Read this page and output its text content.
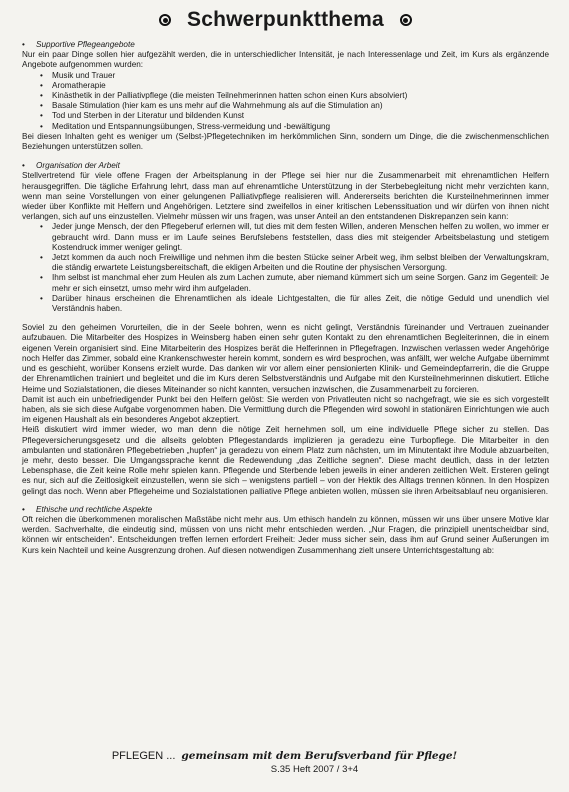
Schwerpunktthema
•	Supportive Pflegeangebote

Nur ein paar Dinge sollen hier aufgezählt werden, die in unterschiedlicher Intensität, je nach Interessenlage und Zeit, im Kurs als ergänzende Angebote aufgenommen wurden:

• Musik und Trauer
• Aromatherapie
• Kinästhetik in der Palliativpflege (die meisten Teilnehmerinnen hatten schon einen Kurs absolviert)
• Basale Stimulation (hier kam es uns mehr auf die Wahrnehmung als auf die Stimulation an)
• Tod und Sterben in der Literatur und bildenden Kunst
• Meditation und Entspannungsübungen, Stress-vermeidung und -bewältigung

Bei diesen Inhalten geht es weniger um (Selbst-)Pflegetechniken im herkömmlichen Sinn, sondern um Dinge, die die zwischenmenschlichen Beziehungen unterstützen sollen.

•	Organisation der Arbeit

Stellvertretend für viele offene Fragen der Arbeitsplanung in der Pflege sei hier nur die Zusammenarbeit mit ehrenamtlichen Helfern herausgegriffen. Die tägliche Erfahrung lehrt, dass man auf ehrenamtliche Unterstützung in der Sterbebegleitung nicht mehr verzichten kann, wenn man seine Vorstellungen von einer gelungenen Palliativpflege realisieren will. Andererseits berichten die Kursteilnehmerinnen immer wieder über Konflikte mit Helfern und Angehörigen. Letztere sind zweifellos in einer kritischen Lebenssituation und wir dürfen von ihnen nicht verlangen, sich auf uns einzustellen. Vielmehr müssen wir uns fragen, was unser Anteil an den entstandenen Diskrepanzen sein kann:

• Jeder junge Mensch, der den Pflegeberuf erlernen will, tut dies mit dem festen Willen, anderen Menschen helfen zu wollen, wo immer er gebraucht wird. Dann muss er im Laufe seines Berufslebens feststellen, dass dies mit steigender Arbeitsbelastung und stetigem Kostendruck immer weniger gelingt.
• Jetzt kommen da auch noch Freiwillige und nehmen ihm die besten Stücke seiner Arbeit weg, ihm selbst bleiben der Verwaltungskram, die ständig erwartete Leistungsbereitschaft, die ekligen Arbeiten und die Routine der physischen Versorgung.
• Ihm selbst ist manchmal eher zum Heulen als zum Lachen zumute, aber niemand kümmert sich um seine Sorgen. Ganz im Gegenteil: Je mehr er sich einsetzt, umso mehr wird ihm aufgeladen.
• Darüber hinaus erscheinen die Ehrenamtlichen als ideale Lichtgestalten, die für alles Zeit, die nötige Geduld und unendlich viel Verständnis haben.

Soviel zu den geheimen Vorurteilen, die in der Seele bohren, wenn es nicht gelingt, Verständnis füreinander und Vertrauen zueinander aufzubauen. Die Mitarbeiter des Hospizes in Weinsberg haben einen sehr guten Kontakt zu den ehrenamtlichen Begleiterinnen, die in einem eigenen Verein organisiert sind. Eine Mitarbeiterin des Hospizes berät die Helferinnen in Pflegefragen. Inzwischen verlassen weder Angehörige noch Helfer das Zimmer, sobald eine Krankenschwester herein kommt, sondern es wird besprochen, was anfällt, wer welche Aufgabe übernimmt und es geschieht, worüber Konsens erzielt wurde. Das danken wir vor allem einer pensionierten Klinik- und Gemeindepfarrerin, die die Gruppe der Ehrenamtlichen trainiert und begleitet und die im Kurs deren Selbstverständnis und Aufgabe mit den Kursteilnehmerinnen diskutiert. Etliche Heime und Sozialstationen, die dieses Miteinander so nicht kannten, versuchen inzwischen, die Zusammenarbeit zu forcieren.

Damit ist auch ein unbefriedigender Punkt bei den Helfern gelöst: Sie werden von Privatleuten nicht so nachgefragt, wie sie es sich vorgestellt haben, als sie sich diese Aufgabe vorgenommen haben. Die Vermittlung durch die Pflegenden wird sowohl in stationären Einrichtungen wie auch im eigenen Haushalt als ein besonderes Angebot akzeptiert.

Heiß diskutiert wird immer wieder, wo man denn die nötige Zeit hernehmen soll, um eine individuelle Pflege sicher zu stellen. Das Pflegeversicherungsgesetz und die allseits gelobten Pflegestandards implizieren ja geradezu eine Turbopflege. Die Mitarbeiter in den ambulanten und stationären Pflegebetrieben „hupfen“ ja geradezu von einem Platz zum nächsten, um im Minutentakt ihre Module abzuarbeiten, je mehr, desto besser. Die Umgangssprache kennt die Redewendung „das Zeitliche segnen“. Diese macht deutlich, dass in der letzten Lebensphase, die Zeit keine Rolle mehr spielen kann. Pflegende und Sterbende leben jeweils in einer anderen zeitlichen Welt. Ersteren gelingt es nur, sich auf die Zeitlosigkeit einzustellen, wenn sie sich – wenigstens partiell – von der Hektik des Alltags trennen können. In den Hospizen gelingt das noch. Wenn aber Pflegeheime und Sozialstationen palliative Pflege anbieten wollen, müssen sie ihren Arbeitsablauf neu organisieren.

•	Ethische und rechtliche Aspekte

Oft reichen die überkommenen moralischen Maßstäbe nicht mehr aus. Um ethisch handeln zu können, müssen wir uns über unsere Motive klar werden. Sachverhalte, die eindeutig sind, müssen von uns nicht mehr entschieden werden. „Nur Fragen, die prinzipiell unentscheidbar sind, können wir entscheiden“. Entscheidungen treffen lernen erfordert Freiheit: Jeder muss sicher sein, dass ihm auf Grund seiner Äußerungen im Kurs kein Nachteil und keine Ausgrenzung drohen. Auf diesen notwendigen Zusammenhang zielt unsere Unterrichtsgestaltung ab:

PFLEGEN ... gemeinsam mit dem Berufsverband für Pflege!
S.35 Heft 2007 / 3+4
